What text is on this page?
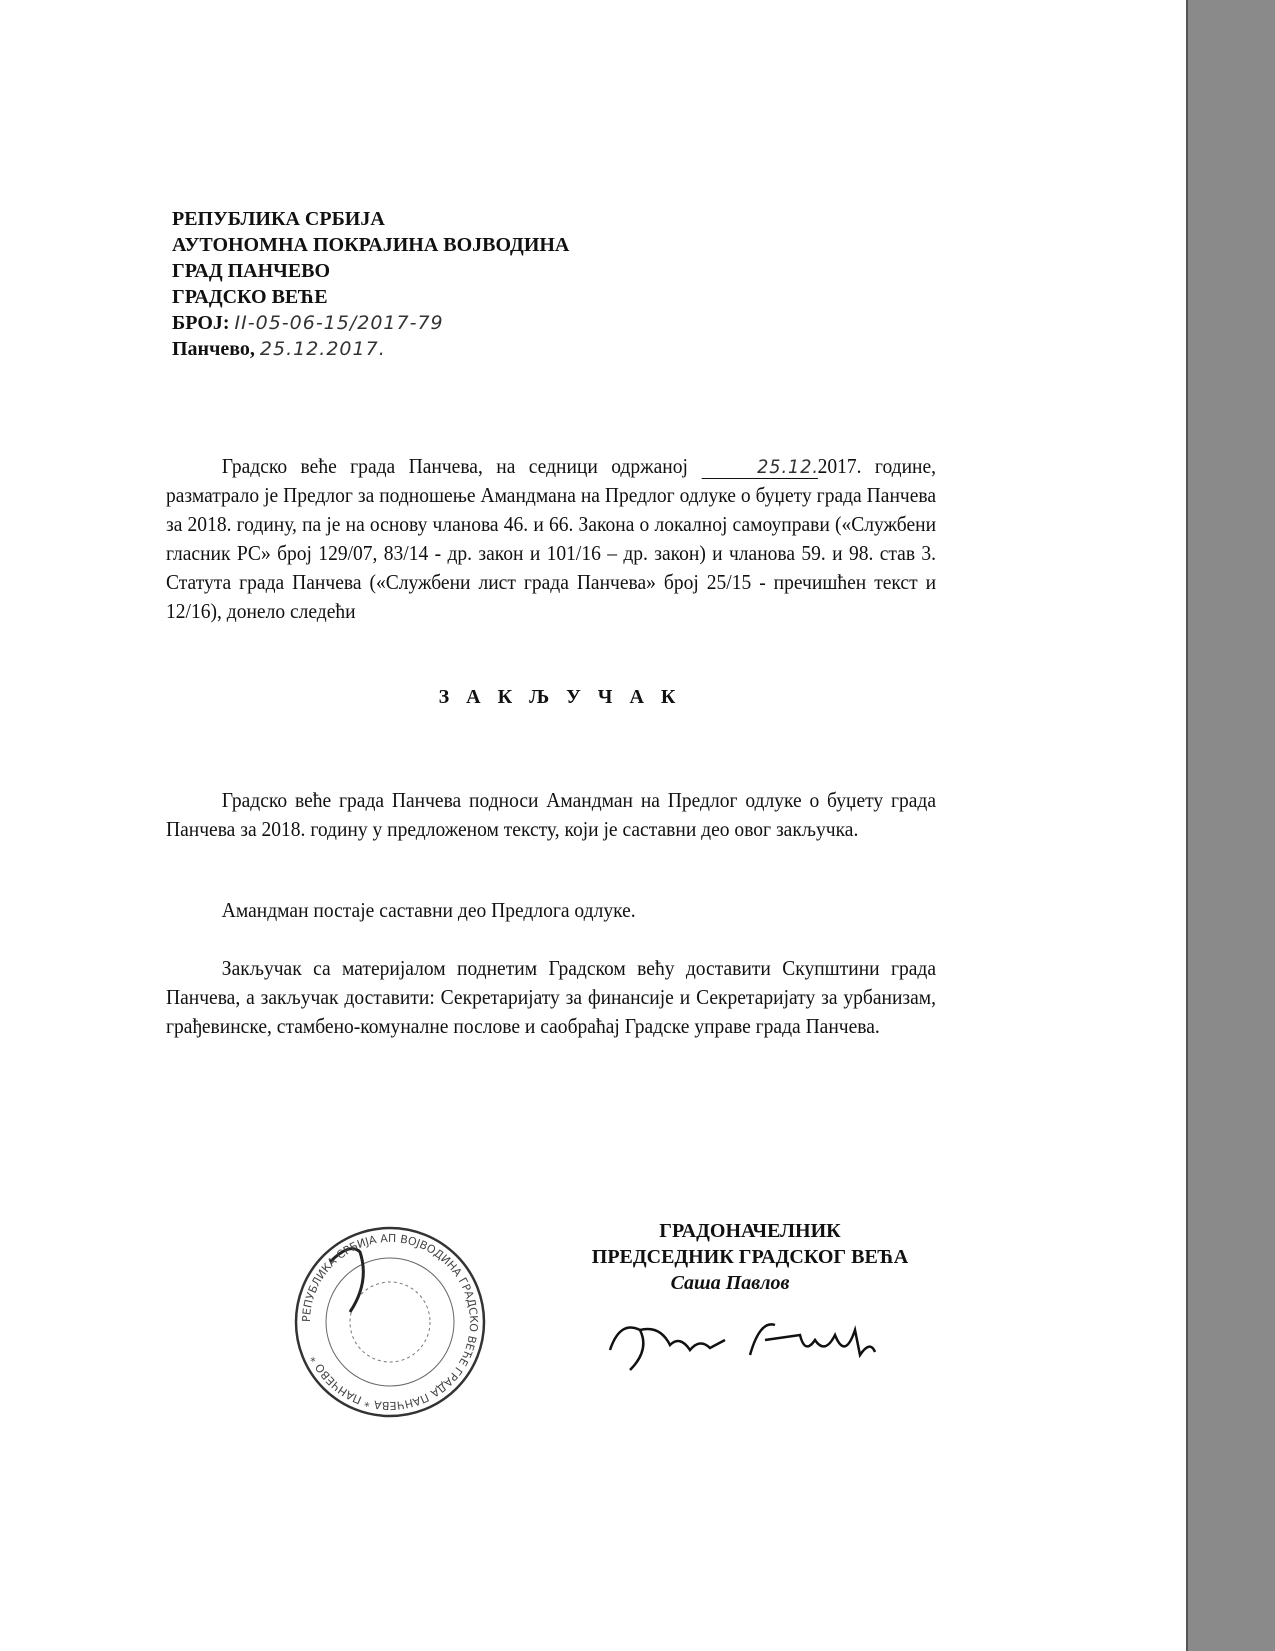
РЕПУБЛИКА СРБИЈА
АУТОНОМНА ПОКРАЈИНА ВОЈВОДИНА
ГРАД ПАНЧЕВО
ГРАДСКО ВЕЋЕ
БРОЈ: II-05-06-15/2017-79
Панчево, 25.12.2017.

Градско веће града Панчева, на седници одржаној	25.12.2017. године, разматрало је Предлог за подношење Амандмана на Предлог одлуке о буџету града Панчева за 2018. годину, па је на основу чланова 46. и 66. Закона о локалној самоуправи («Службени гласник РС» број 129/07, 83/14 - др. закон и 101/16 – др. закон) и чланова 59. и 98. став 3. Статута града Панчева («Службени лист града Панчева» број 25/15 - пречишћен текст и 12/16), донело следећи

З А К Љ У Ч А К

Градско веће града Панчева подноси Амандман на Предлог одлуке о буџету града Панчева за 2018. годину у предложеном тексту, који је саставни део овог закључка.

Амандман постаје саставни део Предлога одлуке.

Закључак са материјалом поднетим Градском већу доставити Скупштини града Панчева, а закључак доставити: Секретаријату за финансије и Секретаријату за урбанизам, грађевинске, стамбено-комуналне послове и саобраћај Градске управе града Панчева.

РЕПУБЛИКА СРБИЈА АП ВОЈВОДИНА ГРАДСКО ВЕЋЕ ГРАДА ПАНЧЕВА * ПАНЧЕВО *
ГРАДОНАЧЕЛНИК
ПРЕДСЕДНИК ГРАДСКОГ ВЕЋА
Саша Павлов
